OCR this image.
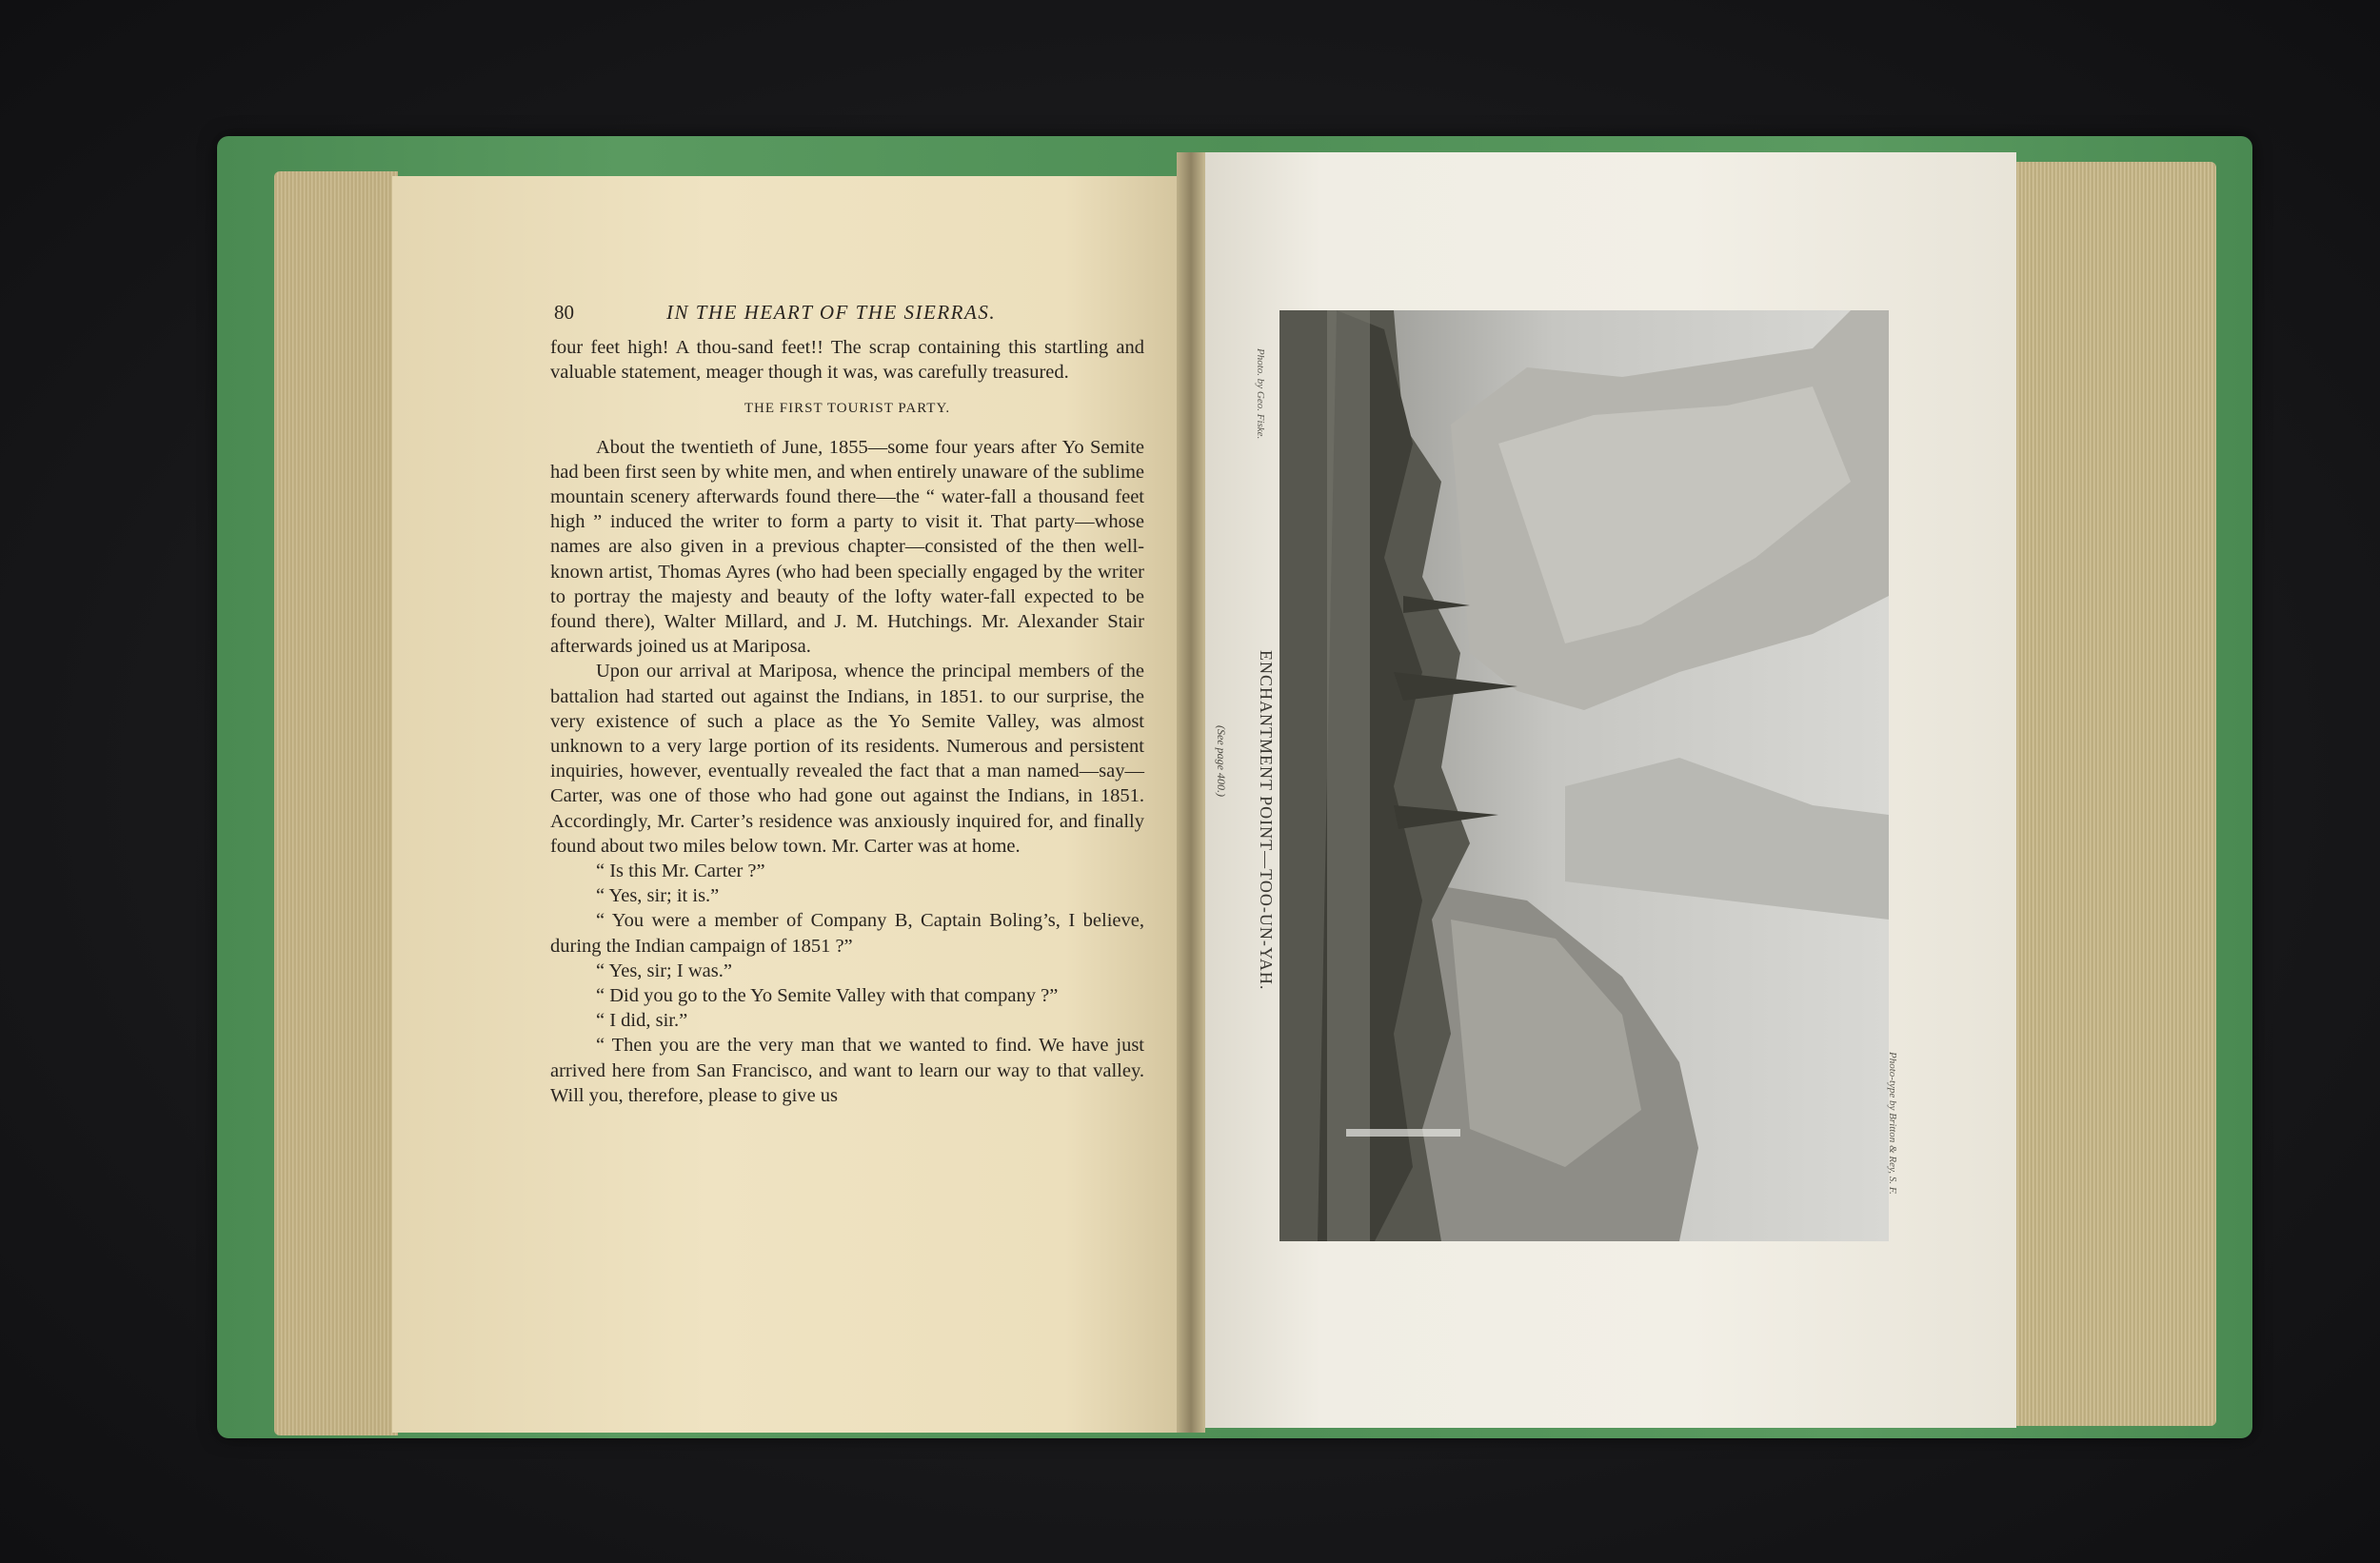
80	IN THE HEART OF THE SIERRAS.

four feet high! A thou-sand feet!! The scrap containing this startling and valuable statement, meager though it was, was carefully treasured.

THE FIRST TOURIST PARTY.

About the twentieth of June, 1855—some four years after Yo Semite had been first seen by white men, and when entirely unaware of the sublime mountain scenery afterwards found there—the “ water-fall a thousand feet high ” induced the writer to form a party to visit it. That party—whose names are also given in a previous chapter—consisted of the then well-known artist, Thomas Ayres (who had been specially engaged by the writer to portray the majesty and beauty of the lofty water-fall expected to be found there), Walter Millard, and J. M. Hutchings. Mr. Alexander Stair afterwards joined us at Mariposa.

Upon our arrival at Mariposa, whence the principal members of the battalion had started out against the Indians, in 1851. to our surprise, the very existence of such a place as the Yo Semite Valley, was almost unknown to a very large portion of its residents. Numerous and persistent inquiries, however, eventually revealed the fact that a man named—say—Carter, was one of those who had gone out against the Indians, in 1851. Accordingly, Mr. Carter’s residence was anxiously inquired for, and finally found about two miles below town. Mr. Carter was at home.

“ Is this Mr. Carter ?”

“ Yes, sir; it is.”

“ You were a member of Company B, Captain Boling’s, I believe, during the Indian campaign of 1851 ?”

“ Yes, sir; I was.”

“ Did you go to the Yo Semite Valley with that company ?”

“ I did, sir.”

“ Then you are the very man that we wanted to find. We have just arrived here from San Francisco, and want to learn our way to that valley. Will you, therefore, please to give us

Photo. by Geo. Fiske.
ENCHANTMENT POINT—TOO-UN-YAH.
(See page 400.)
Photo-type by Britton & Rey, S. F.
